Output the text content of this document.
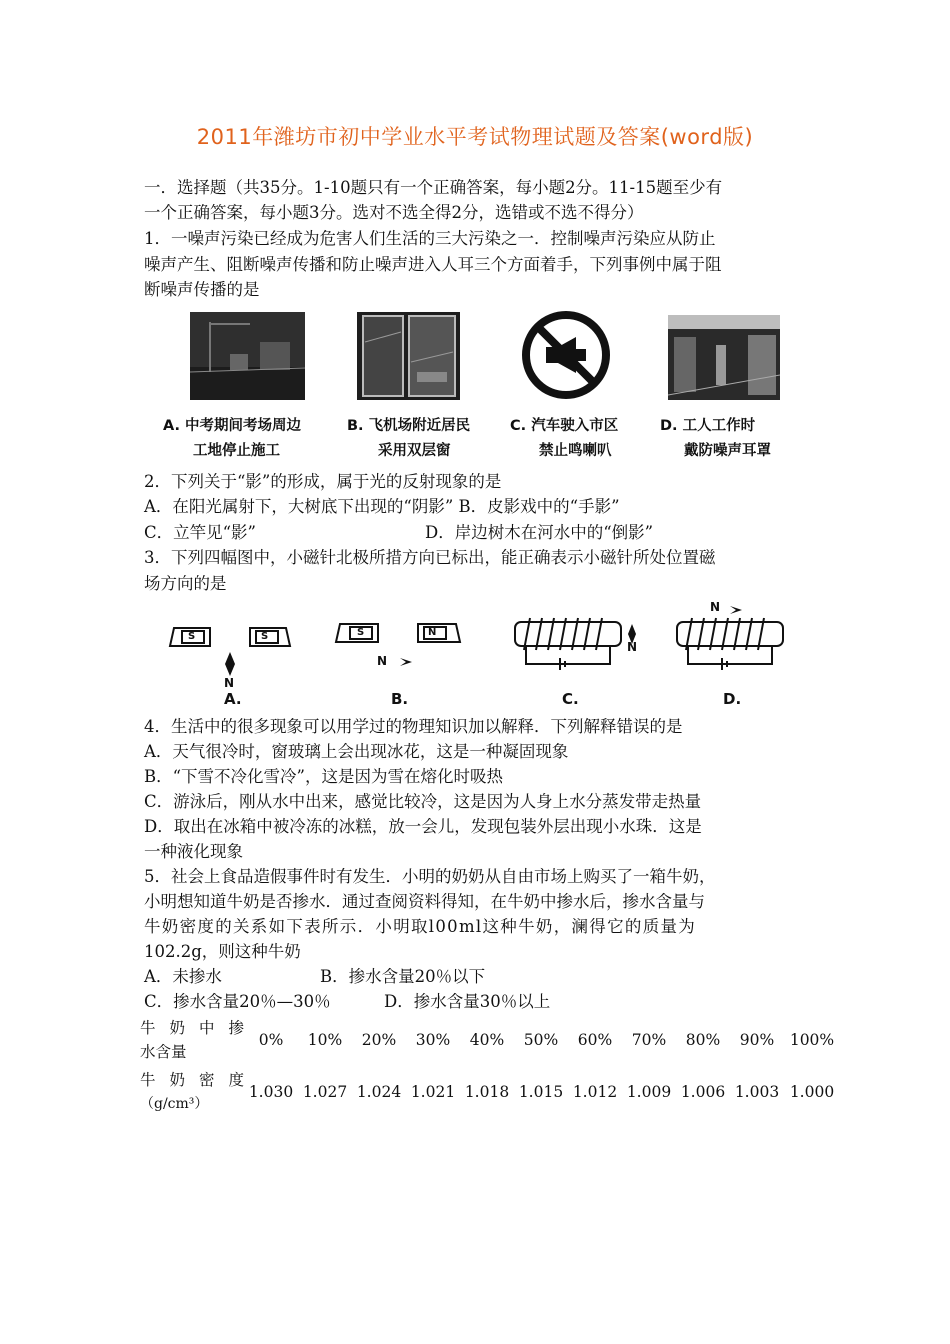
2011年潍坊市初中学业水平考试物理试题及答案(word版)
一．选择题（共35分。1-10题只有一个正确答案，每小题2分。11-15题至少有
一个正确答案，每小题3分。选对不选全得2分，选错或不选不得分）
1．一噪声污染已经成为危害人们生活的三大污染之一．控制噪声污染应从防止
噪声产生、阻断噪声传播和防止噪声进入人耳三个方面着手，下列事例中属于阻
断噪声传播的是
A. 中考期间考场周边
工地停止施工
B. 飞机场附近居民
采用双层窗
C. 汽车驶入市区
禁止鸣喇叭
D. 工人工作时
戴防噪声耳罩
2．下列关于“影”的形成，属于光的反射现象的是
A．在阳光属射下，大树底下出现的“阴影” B．皮影戏中的“手影”
C．立竿见“影”	D．岸边树木在河水中的“倒影”
3．下列四幅图中，小磁针北极所措方向已标出，能正确表示小磁针所处位置磁
场方向的是
S	S	S	N
N
N
N
N
A.	B.	C.	D.
4．生活中的很多现象可以用学过的物理知识加以解释．下列解释错误的是
A．天气很冷时，窗玻璃上会出现冰花，这是一种凝固现象
B．“下雪不冷化雪冷”，这是因为雪在熔化时吸热
C．游泳后，刚从水中出来，感觉比较冷，这是因为人身上水分蒸发带走热量
D．取出在冰箱中被冷冻的冰糕，放一会儿，发现包装外层出现小水珠．这是
一种液化现象
5．社会上食品造假事件时有发生．小明的奶奶从自由市场上购买了一箱牛奶，
小明想知道牛奶是否掺水．通过查阅资料得知，在牛奶中掺水后，掺水含量与
牛奶密度的关系如下表所示．小明取l00ml这种牛奶，澜得它的质量为
102.2g，则这种牛奶
A．未掺水	B．掺水含量20％以下
C．掺水含量20％—30％	D．掺水含量30％以上
牛奶中掺
水含量	0%	10%	20%	30%	40%	50%	60%	70%	80%	90%	100%

牛奶密度
（g/cm³）	1.030	1.027	1.024	1.021	1.018	1.015	1.012	1.009	1.006	1.003	1.000
